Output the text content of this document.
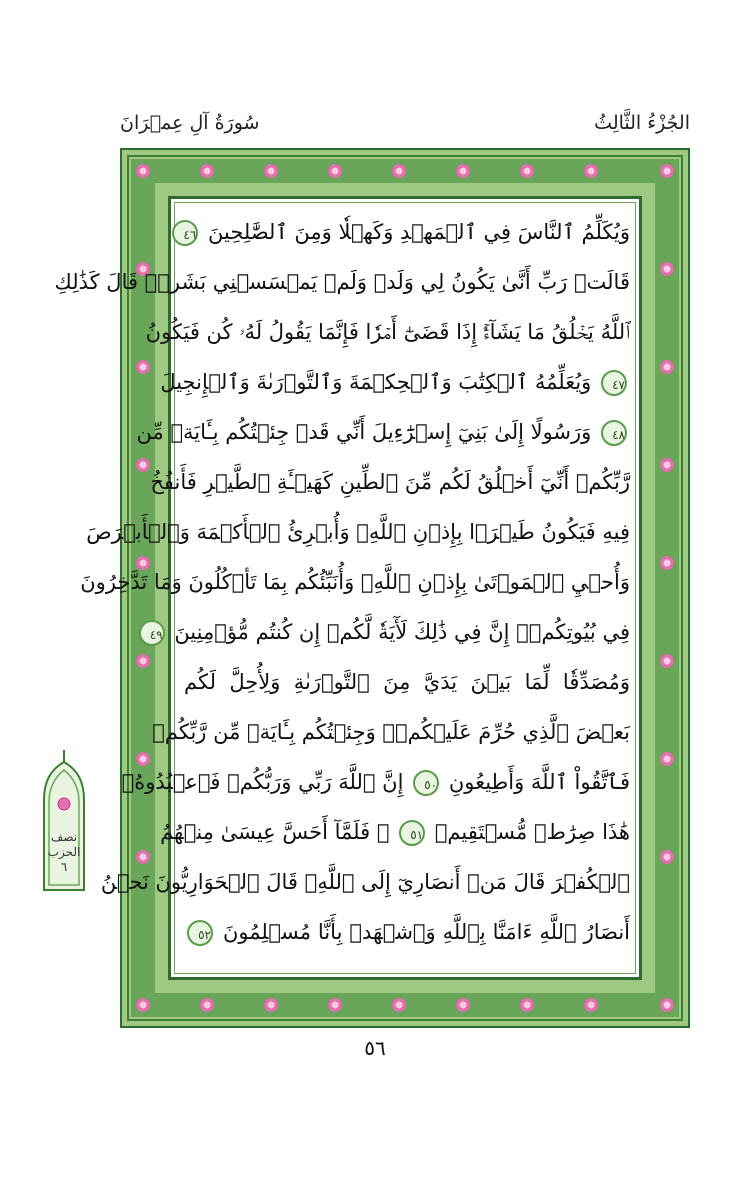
سُورَةُ آلِ عِمۡرَانَ	الجُزْءُ الثَّالِثُ
وَيُكَلِّمُ ٱلنَّاسَ فِي ٱلۡمَهۡدِ وَكَهۡلٗا وَمِنَ ٱلصَّٰلِحِينَ ٤٦
قَالَتۡ رَبِّ أَنَّىٰ يَكُونُ لِي وَلَدٞ وَلَمۡ يَمۡسَسۡنِي بَشَرٞۖ قَالَ كَذَٰلِكِ
ٱللَّهُ يَخۡلُقُ مَا يَشَآءُۚ إِذَا قَضَىٰٓ أَمۡرٗا فَإِنَّمَا يَقُولُ لَهُۥ كُن فَيَكُونُ
٤٧ وَيُعَلِّمُهُ ٱلۡكِتَٰبَ وَٱلۡحِكۡمَةَ وَٱلتَّوۡرَىٰةَ وَٱلۡإِنجِيلَ
٤٨ وَرَسُولًا إِلَىٰ بَنِيٓ إِسۡرَٰٓءِيلَ أَنِّي قَدۡ جِئۡتُكُم بِـَٔايَةٖ مِّن
رَّبِّكُمۡ أَنِّيٓ أَخۡلُقُ لَكُم مِّنَ ٱلطِّينِ كَهَيۡـَٔةِ ٱلطَّيۡرِ فَأَنفُخُ
فِيهِ فَيَكُونُ طَيۡرَۢا بِإِذۡنِ ٱللَّهِۖ وَأُبۡرِئُ ٱلۡأَكۡمَهَ وَٱلۡأَبۡرَصَ
وَأُحۡيِ ٱلۡمَوۡتَىٰ بِإِذۡنِ ٱللَّهِۖ وَأُنَبِّئُكُم بِمَا تَأۡكُلُونَ وَمَا تَدَّخِرُونَ
فِي بُيُوتِكُمۡۚ إِنَّ فِي ذَٰلِكَ لَأٓيَةٗ لَّكُمۡ إِن كُنتُم مُّؤۡمِنِينَ ٤٩
وَمُصَدِّقٗا لِّمَا بَيۡنَ يَدَيَّ مِنَ ٱلتَّوۡرَىٰةِ وَلِأُحِلَّ لَكُم
بَعۡضَ ٱلَّذِي حُرِّمَ عَلَيۡكُمۡۚ وَجِئۡتُكُم بِـَٔايَةٖ مِّن رَّبِّكُمۡ
فَٱتَّقُواْ ٱللَّهَ وَأَطِيعُونِ ٥٠ إِنَّ ٱللَّهَ رَبِّي وَرَبُّكُمۡ فَٱعۡبُدُوهُۚ
هَٰذَا صِرَٰطٞ مُّسۡتَقِيمٞ ٥١ ۞ فَلَمَّآ أَحَسَّ عِيسَىٰ مِنۡهُمُ
ٱلۡكُفۡرَ قَالَ مَنۡ أَنصَارِيٓ إِلَى ٱللَّهِۖ قَالَ ٱلۡحَوَارِيُّونَ نَحۡنُ
أَنصَارُ ٱللَّهِ ءَامَنَّا بِٱللَّهِ وَٱشۡهَدۡ بِأَنَّا مُسۡلِمُونَ ٥٢
نصف
الحزب
٦
٥٦
